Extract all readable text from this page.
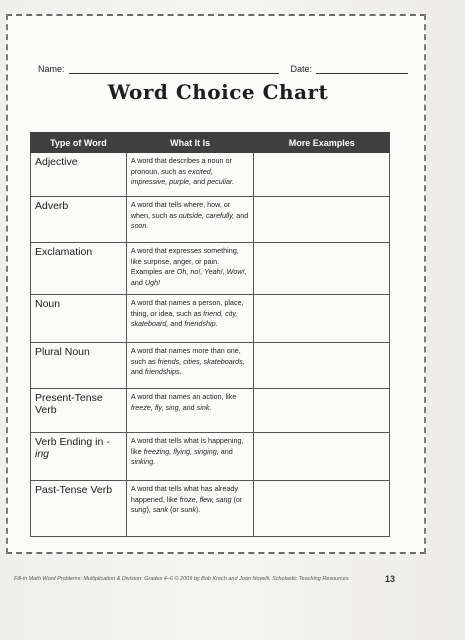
Name:	Date:
Word Choice Chart
Type of Word	What It Is	More Examples
Adjective	A word that describes a noun or pronoun, such as excited, impressive, purple, and peculiar.	
Adverb	A word that tells where, how, or when, such as outside, carefully, and soon.	
Exclamation	A word that expresses something, like surprise, anger, or pain. Examples are Oh, no!, Yeah!, Wow!, and Ugh!	
Noun	A word that names a person, place, thing, or idea, such as friend, city, skateboard, and friendship.	
Plural Noun	A word that names more than one, such as friends, cities, skateboards, and friendships.	
Present-Tense Verb	A word that names an action, like freeze, fly, sing, and sink.	
Verb Ending in -ing	A word that tells what is happening, like freezing, flying, singing, and sinking.	
Past-Tense Verb	A word that tells what has already happened, like froze, flew, sang (or sung), sank (or sunk).	
Fill-in Math Word Problems: Multiplication & Division: Grades 4–6 © 2009 by Bob Krech and Joan Novelli, Scholastic Teaching Resources	13
